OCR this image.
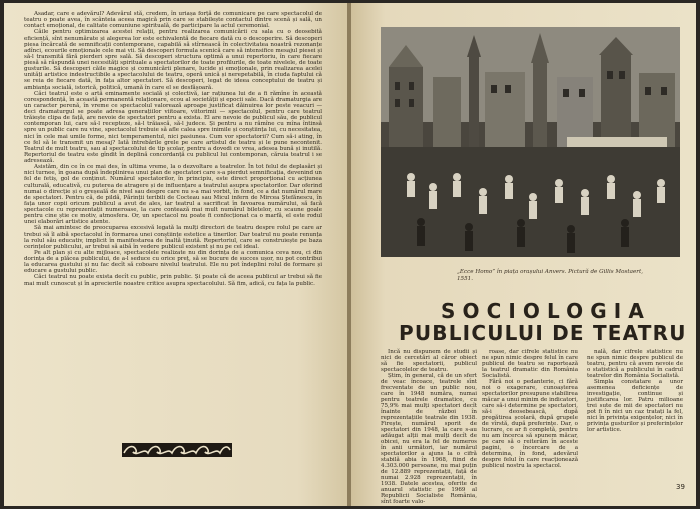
Asadar, care e adevărul? Adevărul stă, credem, în uriașa forță de comunicare pe care spectacolul de teatru o poate avea, în scânteia aceea magică prin care se stabilește contactul dintre scenă și sală, un contact emoțional, de calitate comuniune spirituală, de participare la actul ceremonial.

Căile pentru optimizarea acestei relații, pentru realizarea comunicării cu sala cu o deosebită eficiență, sînt nenumărate și alegerea lor este echivalentă de fiecare dată cu o descoperire. Să descoperi piesa încărcată de semnificații contemporane, capabilă să stîrnească în colectivitatea noastră rezonanțe adînci, ecourile emoționale cele mai vii. Să descoperi formula scenică care să intensifice mesajul piesei și să-l transmită fără pierderi spre sală. Să descoperi structura optimă a unui repertoriu, în care fiecare piesă să răspundă unei necesități spirituale a spectatorilor de toate profilurile, de toate nivelele, de toate gusturile. Să descoperi căile magice și comunicării plenare, lucide și emoționale, prin realizarea acelei unități artistice indestructibile a spectacolului de teatru, operă unică și nerepetabilă, în ciuda faptului că se reia de fiecare dată, în fața altor spectatori. Să descoperi, legat de ideea conceptului de teatru și ambianța socială, istorică, politică, umană în care el se desfășoară.

Căci teatrul este o artă eminamente socială și colectivă, iar rațiunea lui de a fi rămîne în această corespondență, în această permanentă relaționare, ecou al societății și epocii sale. Dacă dramaturgia are un caracter perenă, în vreme ce spectacolul valorează aproape justificat dăinuirea lor peste veacuri — deci dramaturgul se poate adresa generațiilor viitoare, viitorimii — spectacolul, pentru care teatrul trăiește clipa de față, are nevoie de spectatori pentru a exista. El are nevoie de publicul său, de publicul contemporan lui, care să-l recepteze, să-l trăiască, să-l judece. Și pentru a nu rămîne cu mîna întinsă spre un public care nu vine, spectacolul trebuie să afle calea spre inimile și conștiința lui, cu necesitatea, nici în cele mai umile forme, nici temperamentul, nici pasiunea. Cum vor spectatorii? Cum să-i ating, în ce fel să le transmit un mesaj? Iată întrebările grele pe care artistul de teatru și le pune necontenit. Teatrul de mult teatru, sau al spectacolului de tip școlar, pentru a dovedi ce vrea, adesea bună și inutilă. Repertoriul de teatru este gîndit în deplină concordanță cu publicul lui contemporan, căruia teatrul i se adresează.

Asistăm, din ce în ce mai des, în ultima vreme, la o dezvoltare a teatrelor. În tot felul de deplasări și nici turnee, în goana după îndeplinirea unui plan de spectatori care s-a pierdut semnificația, devenind un fel de fetiș, gol de conținut. Numărul spectatorilor, în principiu, este direct proporțional cu acțiunea culturală, educativă, cu puterea de atragere și de influențare a teatrului asupra spectatorilor. Dar oferind numai o direcție și o greșeală de nivel sau despre care nu s-a mai vorbit, în fond, ce a dat numărul mare de spectatori. Pentru că, de pildă, Părinții teribili de Cocteau sau Micul infern de Mircea Ștefănescu, în fața unor copii oricum publicul a avut de ales, iar teatrul a sacrificat în favoarea numărului, să facă spectacole cu reprezentații numeroase, la care contează mai mult numărul biletelor, cu scaune goale pentru cine știe ce motiv, atmosfera. Or, un spectacol nu poate fi confecționat ca o marfă, el este rodul unei elaborări artistice atente.

Să mai amintesc de preocuparea excesivă legată la mulți directori de teatru despre rolul pe care ar trebui să îl aibă spectacolul în formarea unei conștiințe estetice a tinerilor. Dar teatrul nu poate renunța la rolul său educativ, implicit în manifestarea de înaltă ținută. Repertoriul, care se construiește pe baza cerințelor publicului, ar trebui să aibă în vedere publicul existent și nu pe cel ideal.

Pe alt plan și cu alte mijloace, spectacolele realizate nu din dorința de a comunica ceva nou, ci din dorința de a plăcea publicului, de a-l seduce cu orice preț, să se bucure de succes ușor, nu pot contribui la educarea gustului și nu fac decît să coboare nivelul teatrului. Ele nu pot îndeplini rolul de formare și educare a gustului public.

Căci teatrul nu poate exista decît cu public, prin public. Și poate că de aceea publicul ar trebui să fie mai mult cunoscut și în aprecierile noastre critice asupra spectacolului. Să fim, adică, cu fața la public.

„Ecce Homo” în piața orașului Anvers. Pictură de Gillis Mostaert, 1551.
SOCIOLOGIA
PUBLICULUI DE TEATRU

Incă nu dispunem de studii și nici de cercetări al căror obiect să fie spectatorii, publicul spectacolelor de teatru.

Știm, în general, că de un sfert de veac încoace, teatrele sînt frecventate de un public nou, care în 1948 număra, numai pentru teatrele dramatice, cu 75,9% mai mulți spectatori decît înainte de război în reprezentațiile teatrale din 1938. Firește, numărul sporit de spectatori din 1948, la care s-au adăugat alții mai mulți decît de obicei, nu era la fel de numeros în anii următori, iar numărul spectatorilor a ajuns la o cifră stabilă abia în 1968, fiind de 4.303.000 persoane, nu mai puțin de 12.889 reprezentații, față de numai 2.928 reprezentații, în 1938. Datele acestea, oferite de anuarul statistic pe 1969 al Republicii Socialiste România, sînt foarte valo-

roase, dar cifrele statistice nu ne spun nimic despre felul în care publicul de teatru se raportează la teatrul dramatic din România Socialistă.

Fără noi o pedanterie, ci fără noi o exagerare, cunoașterea spectatorilor presupune stabilirea măcar a unui minim de indicatori, care să-i determine pe spectatori, să-i deosebească, după pregătirea școlară, după grupele de vîrstă, după preferințe. Dar, o lucrare, ce ar fi completă, pentru nu am încerca să spunem măcar, pe care să o reiterăm în aceste pagini, o încercare de a determina, în fond, adevărul despre felul în care reacționează publicul nostru la spectacol.

nală, dar cifrele statistice nu ne spun nimic despre publicul de teatru, pentru că avem nevoie de o statistică a publicului în cadrul teatrelor din România Socialistă.

Simpla constatare a unor asemenea deficiențe de investigație, continue și justificarea lor. Patru milioane trei sute de mii de spectatori nu pot fi în nici un caz tratați la fel, nici în privința exigențelor, nici în privința gusturilor și preferințelor lor artistice.

39
